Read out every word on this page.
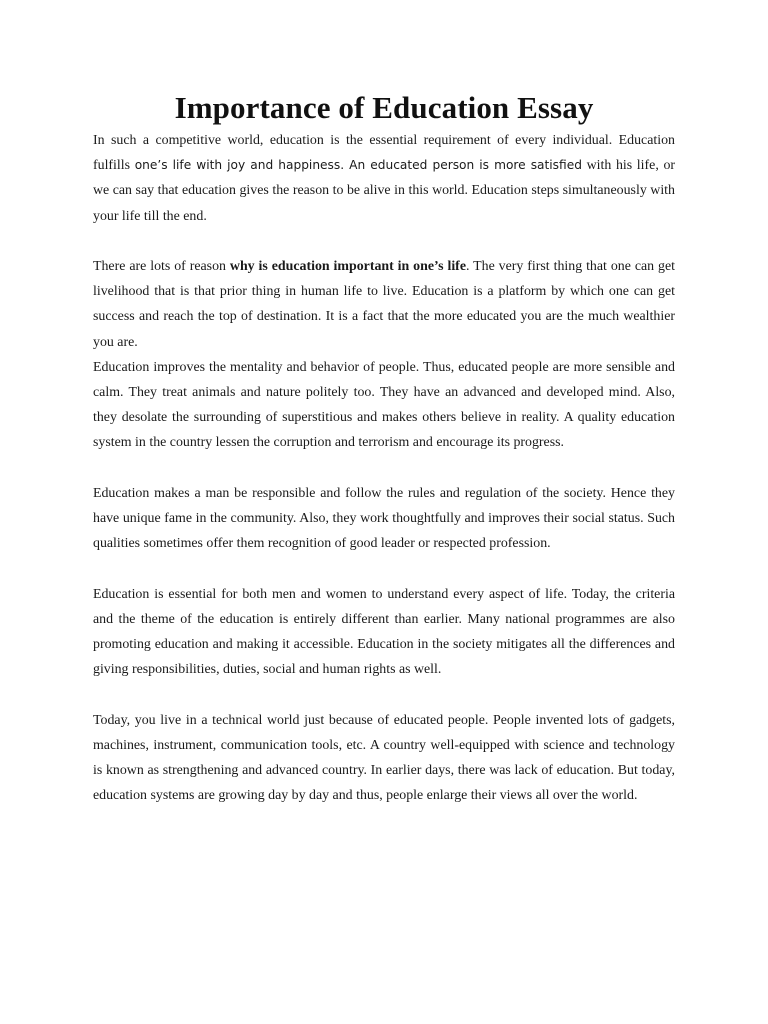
Importance of Education Essay

In such a competitive world, education is the essential requirement of every individual. Education fulfills one’s life with joy and happiness. An educated person is more satisfied with his life, or we can say that education gives the reason to be alive in this world. Education steps simultaneously with your life till the end.

There are lots of reason why is education important in one’s life. The very first thing that one can get livelihood that is that prior thing in human life to live. Education is a platform by which one can get success and reach the top of destination. It is a fact that the more educated you are the much wealthier you are.

Education improves the mentality and behavior of people. Thus, educated people are more sensible and calm. They treat animals and nature politely too. They have an advanced and developed mind. Also, they desolate the surrounding of superstitious and makes others believe in reality. A quality education system in the country lessen the corruption and terrorism and encourage its progress.

Education makes a man be responsible and follow the rules and regulation of the society. Hence they have unique fame in the community. Also, they work thoughtfully and improves their social status. Such qualities sometimes offer them recognition of good leader or respected profession.

Education is essential for both men and women to understand every aspect of life. Today, the criteria and the theme of the education is entirely different than earlier. Many national programmes are also promoting education and making it accessible. Education in the society mitigates all the differences and giving responsibilities, duties, social and human rights as well.

Today, you live in a technical world just because of educated people. People invented lots of gadgets, machines, instrument, communication tools, etc. A country well-equipped with science and technology is known as strengthening and advanced country. In earlier days, there was lack of education. But today, education systems are growing day by day and thus, people enlarge their views all over the world.
